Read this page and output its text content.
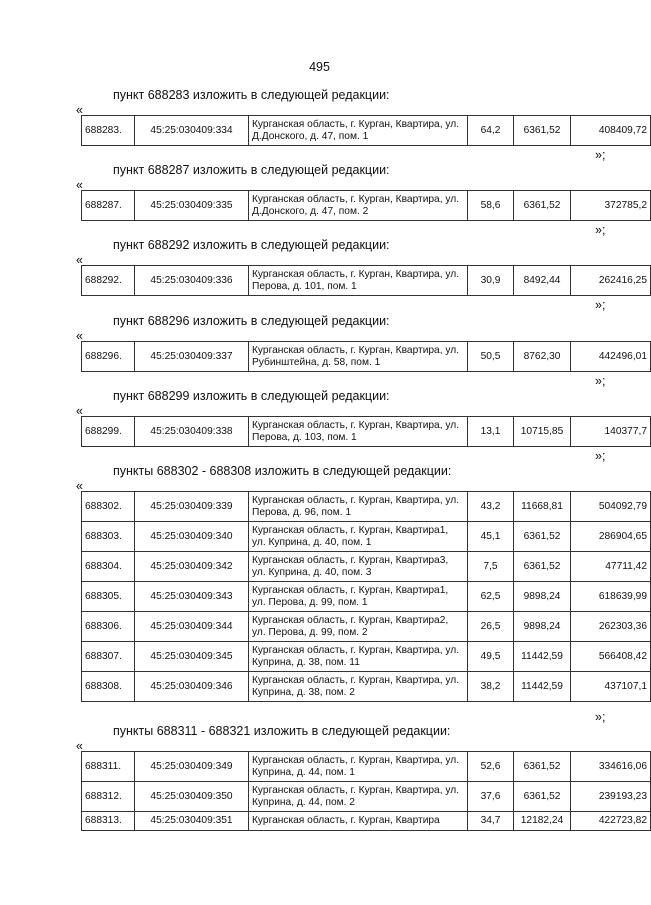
495
пункт 688283 изложить в следующей редакции:
«
688283.	45:25:030409:334	Курганская область, г. Курган, Квартира, ул. Д.Донского, д. 47, пом. 1	64,2	6361,52	408409,72
»;
пункт 688287 изложить в следующей редакции:
«
688287.	45:25:030409:335	Курганская область, г. Курган, Квартира, ул. Д.Донского, д. 47, пом. 2	58,6	6361,52	372785,2
»;
пункт 688292 изложить в следующей редакции:
«
688292.	45:25:030409:336	Курганская область, г. Курган, Квартира, ул. Перова, д. 101, пом. 1	30,9	8492,44	262416,25
»;
пункт 688296 изложить в следующей редакции:
«
688296.	45:25:030409:337	Курганская область, г. Курган, Квартира, ул. Рубинштейна, д. 58, пом. 1	50,5	8762,30	442496,01
»;
пункт 688299 изложить в следующей редакции:
«
688299.	45:25:030409:338	Курганская область, г. Курган, Квартира, ул. Перова, д. 103, пом. 1	13,1	10715,85	140377,7
»;
пункты 688302 - 688308 изложить в следующей редакции:
«
688302.	45:25:030409:339	Курганская область, г. Курган, Квартира, ул. Перова, д. 96, пом. 1	43,2	11668,81	504092,79
688303.	45:25:030409:340	Курганская область, г. Курган, Квартира1, ул. Куприна, д. 40, пом. 1	45,1	6361,52	286904,65
688304.	45:25:030409:342	Курганская область, г. Курган, Квартира3, ул. Куприна, д. 40, пом. 3	7,5	6361,52	47711,42
688305.	45:25:030409:343	Курганская область, г. Курган, Квартира1, ул. Перова, д. 99, пом. 1	62,5	9898,24	618639,99
688306.	45:25:030409:344	Курганская область, г. Курган, Квартира2, ул. Перова, д. 99, пом. 2	26,5	9898,24	262303,36
688307.	45:25:030409:345	Курганская область, г. Курган, Квартира, ул. Куприна, д. 38, пом. 11	49,5	11442,59	566408,42
688308.	45:25:030409:346	Курганская область, г. Курган, Квартира, ул. Куприна, д. 38, пом. 2	38,2	11442,59	437107,1
»;
пункты 688311 - 688321 изложить в следующей редакции:
«
688311.	45:25:030409:349	Курганская область, г. Курган, Квартира, ул. Куприна, д. 44, пом. 1	52,6	6361,52	334616,06
688312.	45:25:030409:350	Курганская область, г. Курган, Квартира, ул. Куприна, д. 44, пом. 2	37,6	6361,52	239193,23
688313.	45:25:030409:351	Курганская область, г. Курган, Квартира	34,7	12182,24	422723,82
